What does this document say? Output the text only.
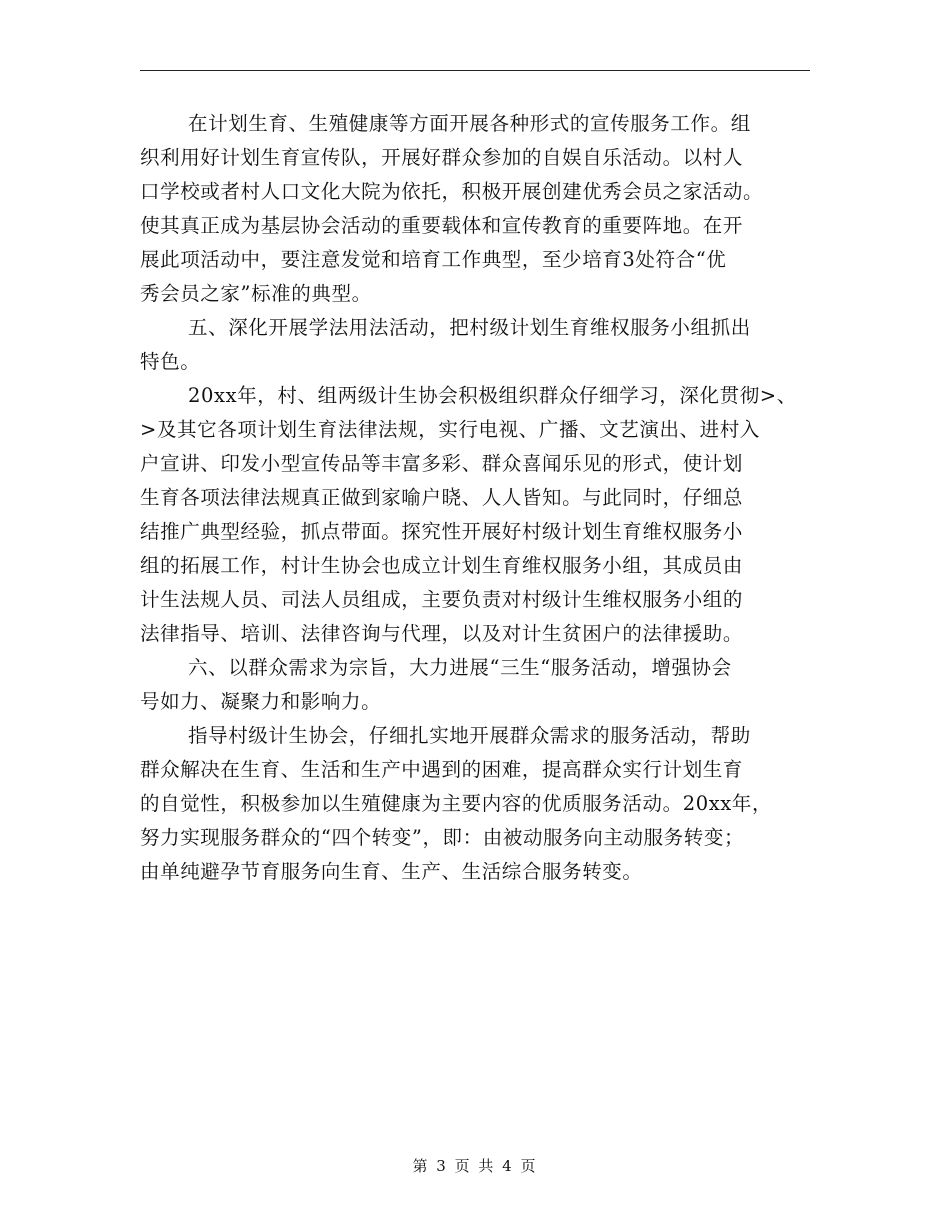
在计划生育、生殖健康等方面开展各种形式的宣传服务工作。组
织利用好计划生育宣传队，开展好群众参加的自娱自乐活动。以村人
口学校或者村人口文化大院为依托，积极开展创建优秀会员之家活动。
使其真正成为基层协会活动的重要载体和宣传教育的重要阵地。在开
展此项活动中，要注意发觉和培育工作典型，至少培育3处符合“优
秀会员之家”标准的典型。
五、深化开展学法用法活动，把村级计划生育维权服务小组抓出
特色。
20xx年，村、组两级计生协会积极组织群众仔细学习，深化贯彻>、
>及其它各项计划生育法律法规，实行电视、广播、文艺演出、进村入
户宣讲、印发小型宣传品等丰富多彩、群众喜闻乐见的形式，使计划
生育各项法律法规真正做到家喻户晓、人人皆知。与此同时，仔细总
结推广典型经验，抓点带面。探究性开展好村级计划生育维权服务小
组的拓展工作，村计生协会也成立计划生育维权服务小组，其成员由
计生法规人员、司法人员组成，主要负责对村级计生维权服务小组的
法律指导、培训、法律咨询与代理，以及对计生贫困户的法律援助。
六、以群众需求为宗旨，大力进展“三生“服务活动，增强协会
号如力、凝聚力和影响力。
指导村级计生协会，仔细扎实地开展群众需求的服务活动，帮助
群众解决在生育、生活和生产中遇到的困难，提高群众实行计划生育
的自觉性，积极参加以生殖健康为主要内容的优质服务活动。20xx年，
努力实现服务群众的“四个转变”，即：由被动服务向主动服务转变；
由单纯避孕节育服务向生育、生产、生活综合服务转变。
第 3 页 共 4 页
